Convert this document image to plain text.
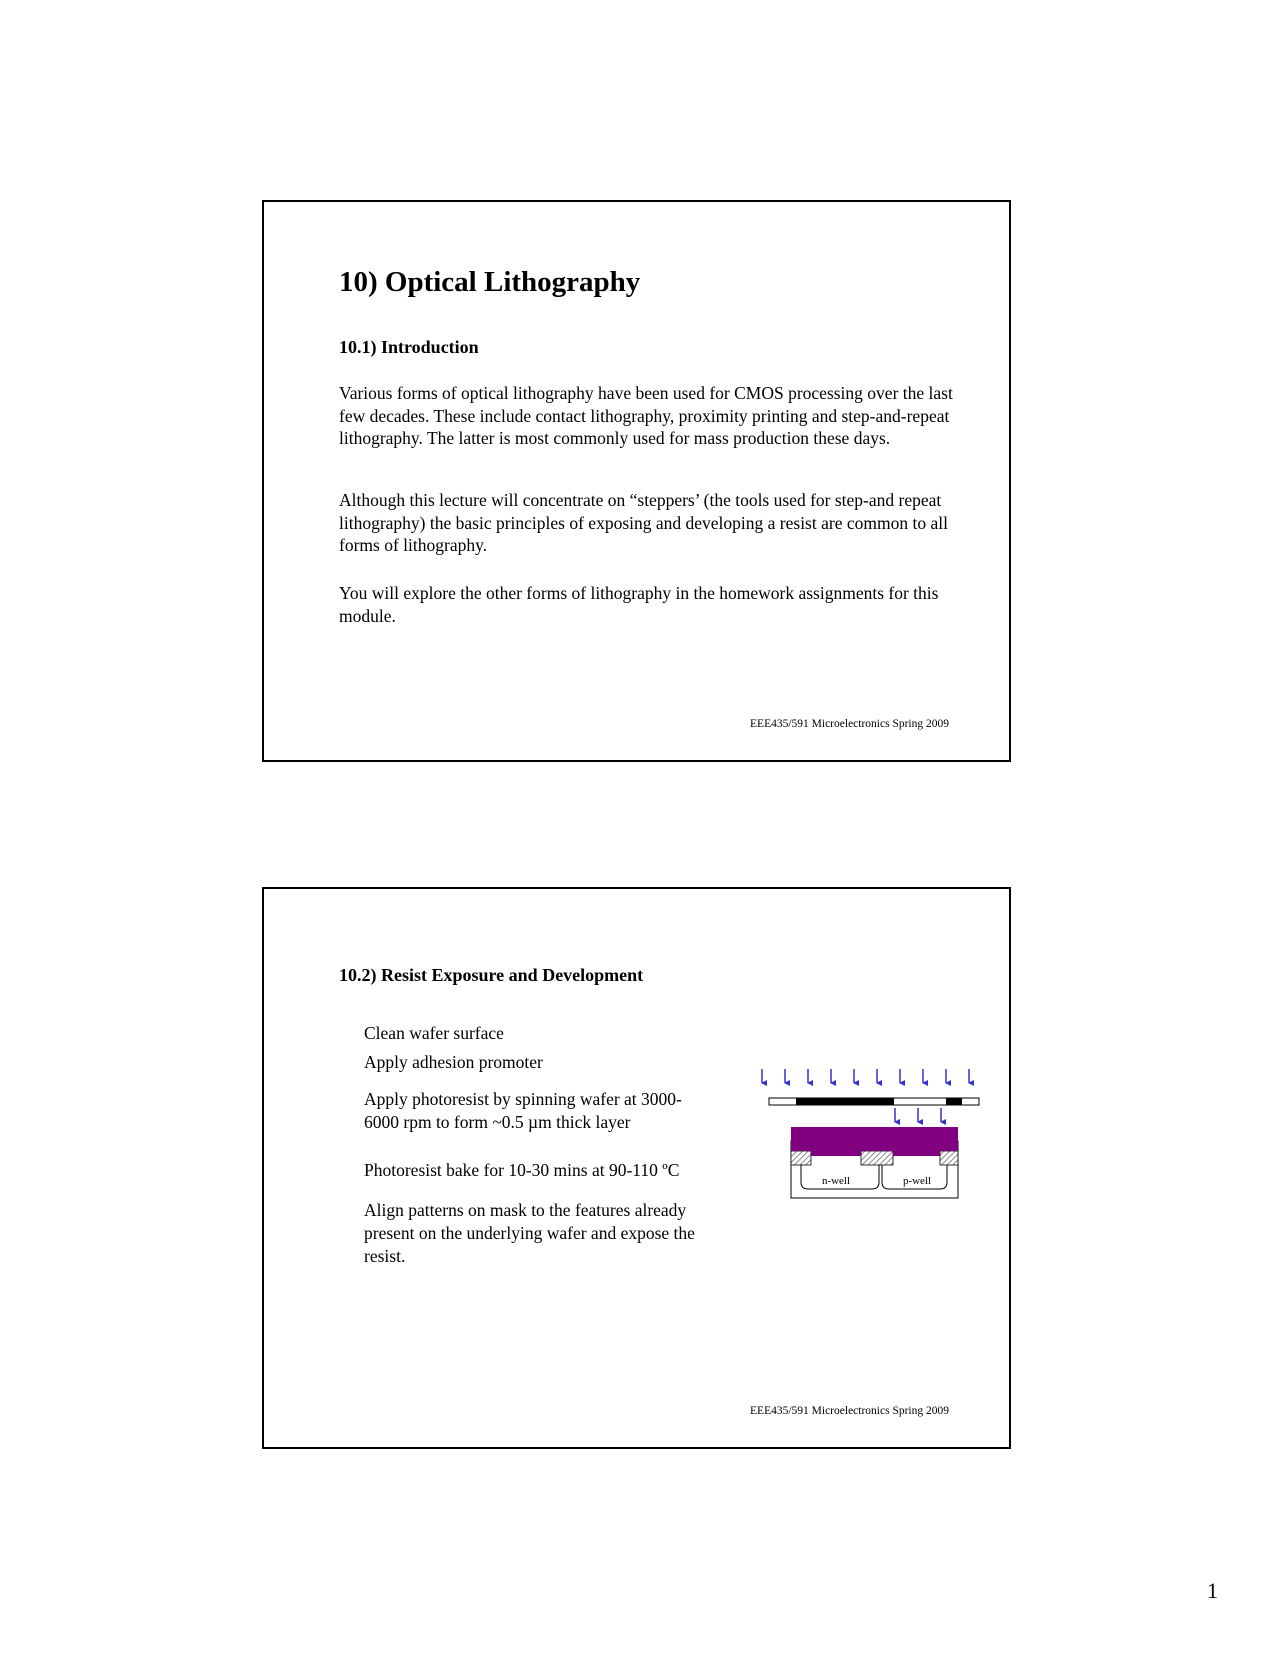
10) Optical Lithography
10.1) Introduction

Various forms of optical lithography have been used for CMOS processing over the last few decades. These include contact lithography, proximity printing and step-and-repeat lithography. The latter is most commonly used for mass production these days.

Although this lecture will concentrate on “steppers’ (the tools used for step-and repeat lithography) the basic principles of exposing and developing a resist are common to all forms of lithography.

You will explore the other forms of lithography in the homework assignments for this module.

EEE435/591 Microelectronics Spring 2009

10.2) Resist Exposure and Development

Clean wafer surface

Apply adhesion promoter

Apply photoresist by spinning wafer at 3000-6000 rpm to form ~0.5 µm thick layer

Photoresist bake for 10-30 mins at 90-110 ºC

Align patterns on mask to the features already present on the underlying wafer and expose the resist.

n-well	p-well

EEE435/591 Microelectronics Spring 2009

1
